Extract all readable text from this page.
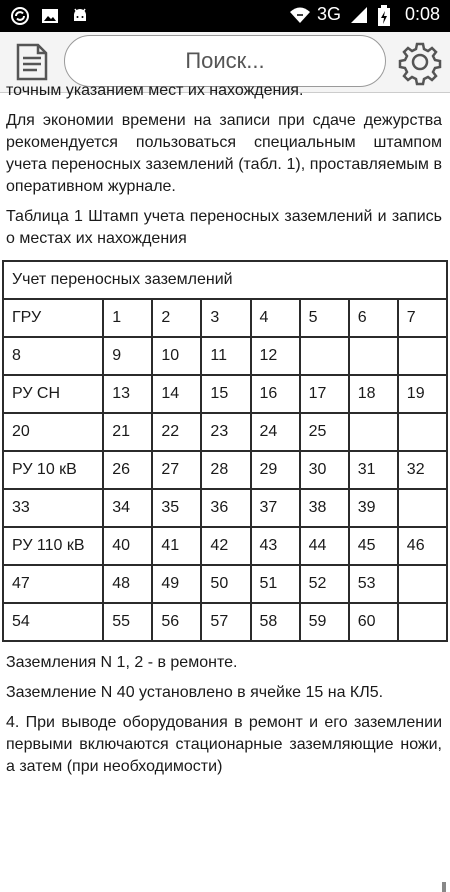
3G	0:08
Поиск...

точным указанием мест их нахождения.

Для экономии времени на записи при сдаче дежурства рекомендуется пользоваться специальным штампом учета переносных заземлений (табл. 1), проставляемым в оперативном журнале.

Таблица 1 Штамп учета переносных заземлений и запись о местах их нахождения

Учет переносных заземлений							
ГРУ	1	2	3	4	5	6	7
8	9	10	11	12			
РУ СН	13	14	15	16	17	18	19
20	21	22	23	24	25		
РУ 10 кВ	26	27	28	29	30	31	32
33	34	35	36	37	38	39	
РУ 110 кВ	40	41	42	43	44	45	46
47	48	49	50	51	52	53	
54	55	56	57	58	59	60	

Заземления N 1, 2 - в ремонте.

Заземление N 40 установлено в ячейке 15 на КЛ5.

4. При выводе оборудования в ремонт и его заземлении первыми включаются стационарные заземляющие ножи, а затем (при необходимости)
